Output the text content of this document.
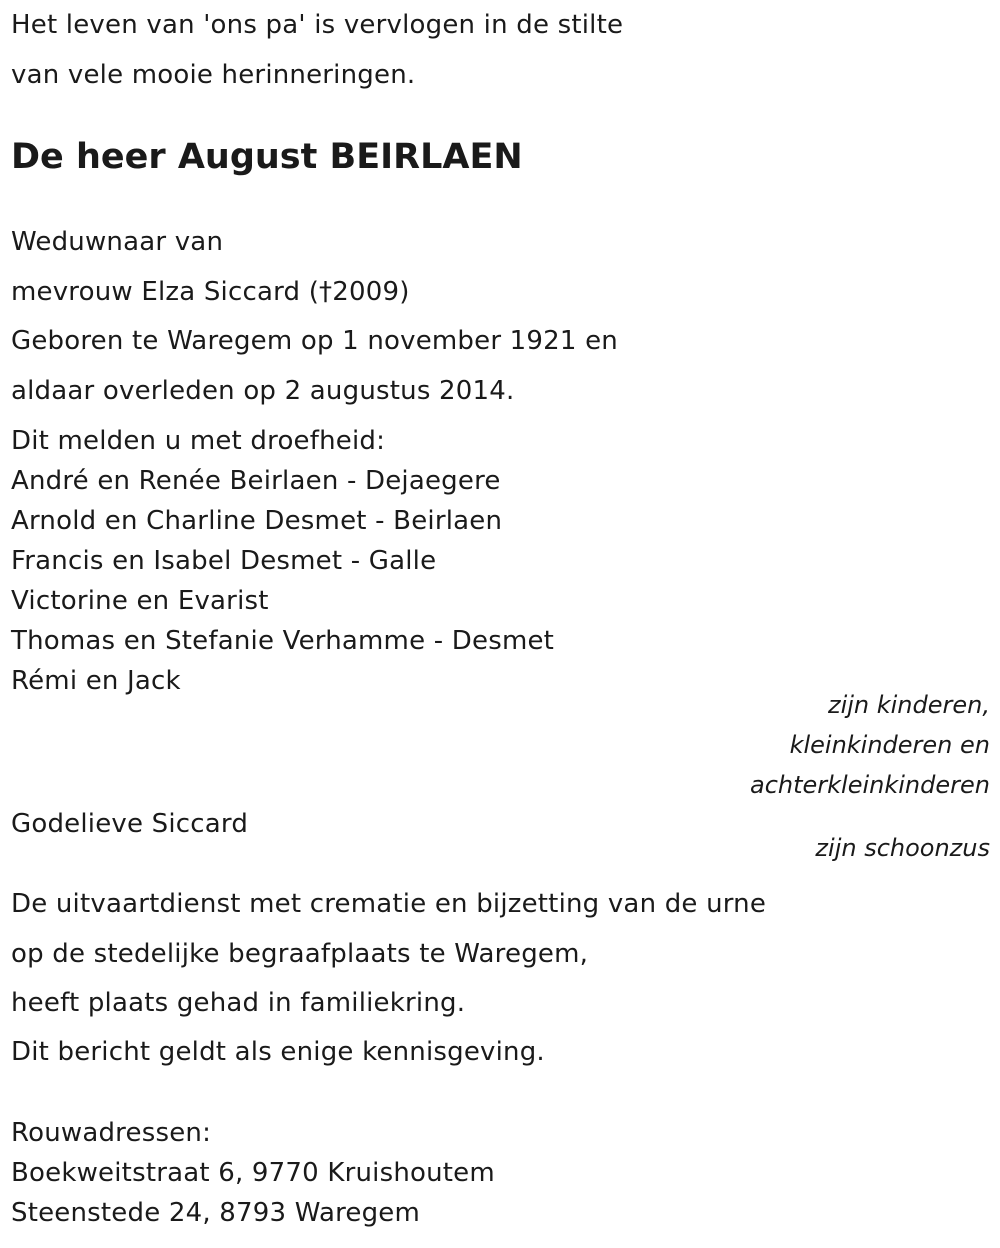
Het leven van 'ons pa' is vervlogen in de stilte
van vele mooie herinneringen.
De heer August BEIRLAEN
Weduwnaar van
mevrouw Elza Siccard (†2009)
Geboren te Waregem op 1 november 1921 en
aldaar overleden op 2 augustus 2014.
Dit melden u met droefheid:
André en Renée Beirlaen - Dejaegere
Arnold en Charline Desmet - Beirlaen
Francis en Isabel Desmet - Galle
Victorine en Evarist
Thomas en Stefanie Verhamme - Desmet
Rémi en Jack
zijn kinderen,
kleinkinderen en
achterkleinkinderen
Godelieve Siccard
zijn schoonzus
De uitvaartdienst met crematie en bijzetting van de urne
op de stedelijke begraafplaats te Waregem,
heeft plaats gehad in familiekring.
Dit bericht geldt als enige kennisgeving.
Rouwadressen:
Boekweitstraat 6, 9770 Kruishoutem
Steenstede 24, 8793 Waregem
